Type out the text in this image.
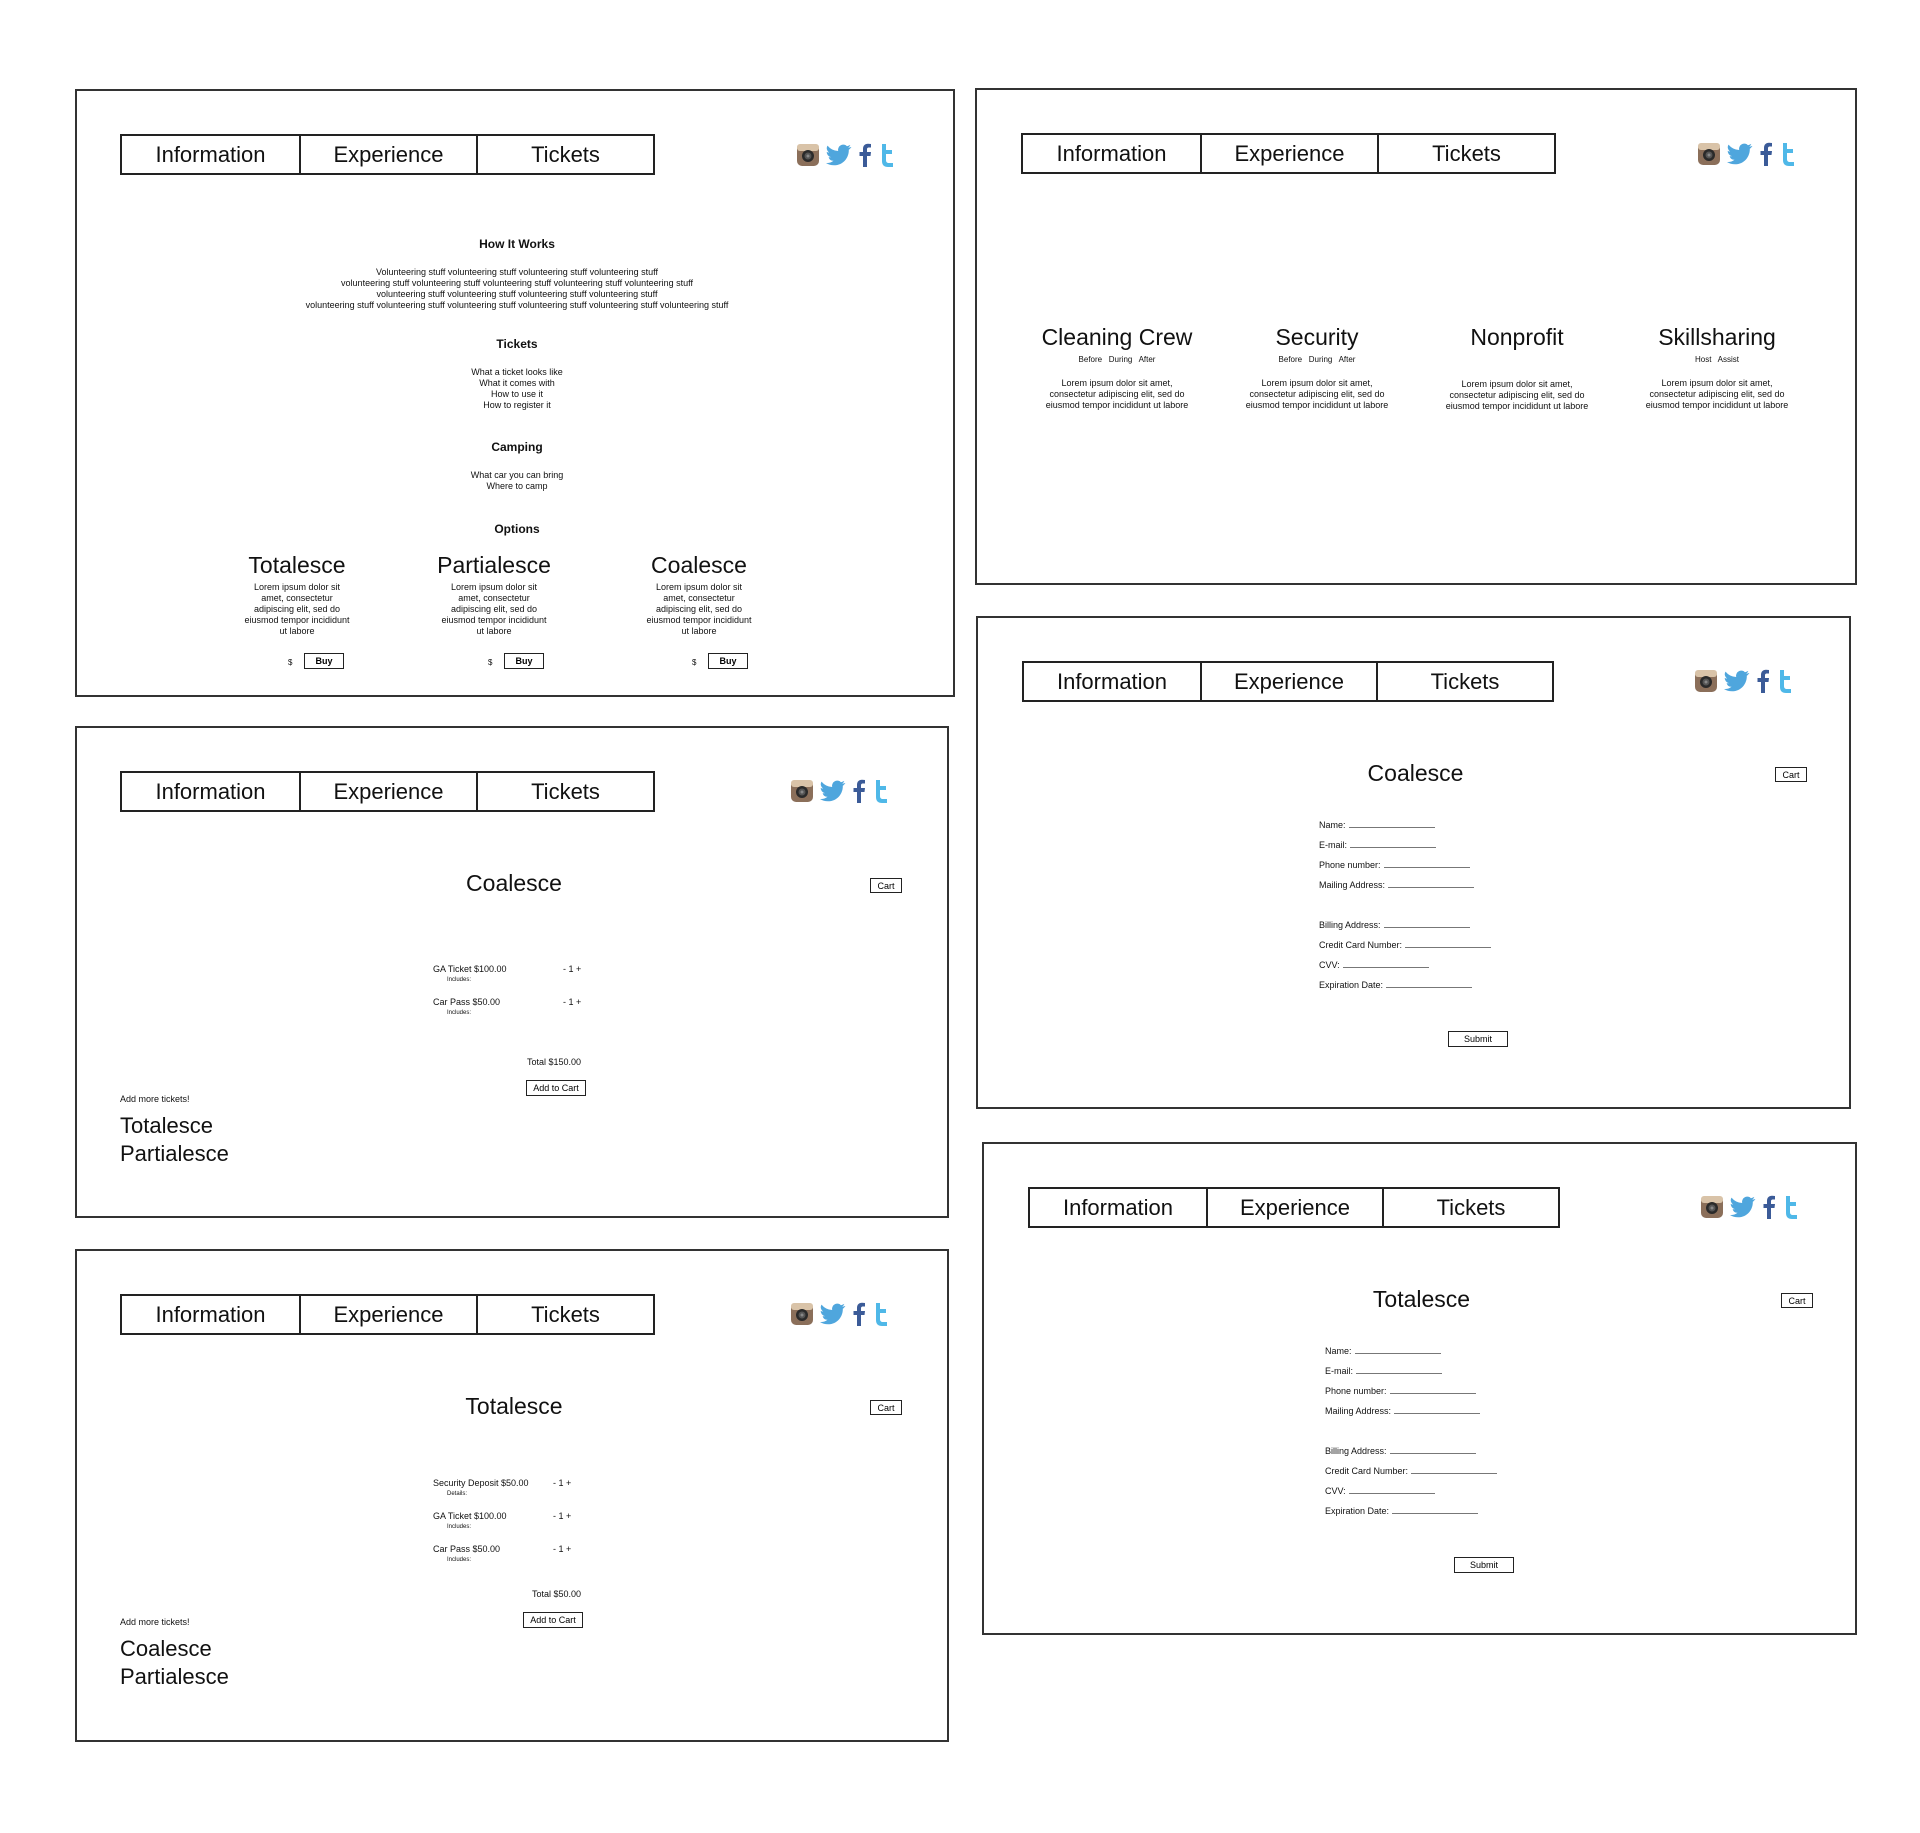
Information	Experience	Tickets
How It Works
Volunteering stuff volunteering stuff volunteering stuff volunteering stuff
volunteering stuff volunteering stuff volunteering stuff volunteering stuff volunteering stuff
volunteering stuff volunteering stuff volunteering stuff volunteering stuff
volunteering stuff volunteering stuff volunteering stuff volunteering stuff volunteering stuff volunteering stuff
Tickets
What a ticket looks like
What it comes with
How to use it
How to register it
Camping
What car you can bring
Where to camp
Options
Totalesce
Lorem ipsum dolor sit
amet, consectetur
adipiscing elit, sed do
eiusmod tempor incididunt
ut labore
$	Buy
Partialesce
Lorem ipsum dolor sit
amet, consectetur
adipiscing elit, sed do
eiusmod tempor incididunt
ut labore
$	Buy
Coalesce
Lorem ipsum dolor sit
amet, consectetur
adipiscing elit, sed do
eiusmod tempor incididunt
ut labore
$	Buy
Information	Experience	Tickets
Cleaning Crew
Before   During   After
Lorem ipsum dolor sit amet,
consectetur adipiscing elit, sed do
eiusmod tempor incididunt ut labore
Security
Before   During   After
Lorem ipsum dolor sit amet,
consectetur adipiscing elit, sed do
eiusmod tempor incididunt ut labore
Nonprofit
Lorem ipsum dolor sit amet,
consectetur adipiscing elit, sed do
eiusmod tempor incididunt ut labore
Skillsharing
Host   Assist
Lorem ipsum dolor sit amet,
consectetur adipiscing elit, sed do
eiusmod tempor incididunt ut labore
Information	Experience	Tickets
Coalesce	Cart
GA Ticket $100.00
Includes:
- 1 +
Car Pass $50.00
Includes:
- 1 +
Total $150.00
Add to Cart
Add more tickets!
Totalesce
Partialesce
Information	Experience	Tickets
Coalesce	Cart
Name:
E-mail:
Phone number:
Mailing Address:
Billing Address:
Credit Card Number:
CVV:
Expiration Date:
Submit
Information	Experience	Tickets
Totalesce	Cart
Security Deposit $50.00
Details:
- 1 +
GA Ticket $100.00
Includes:
- 1 +
Car Pass $50.00
Includes:
- 1 +
Total $50.00
Add to Cart
Add more tickets!
Coalesce
Partialesce
Information	Experience	Tickets
Totalesce	Cart
Name:
E-mail:
Phone number:
Mailing Address:
Billing Address:
Credit Card Number:
CVV:
Expiration Date:
Submit
